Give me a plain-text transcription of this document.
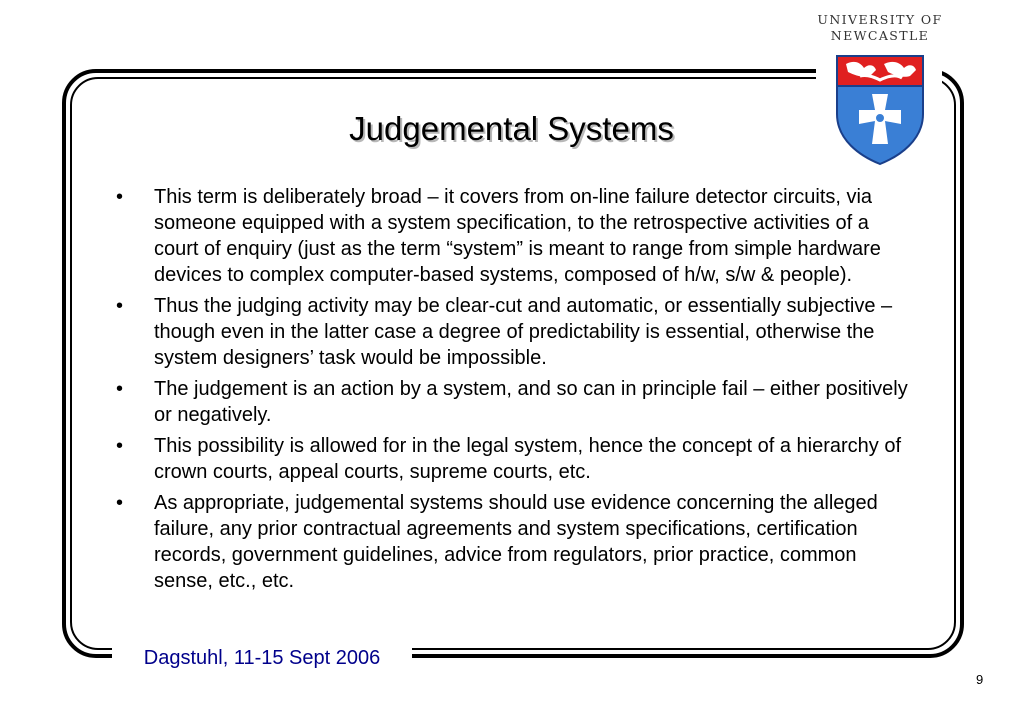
UNIVERSITY OF
NEWCASTLE
Judgemental Systems
• This term is deliberately broad – it covers from on-line failure detector circuits, via someone equipped with a system specification, to the retrospective activities of a court of enquiry (just as the term “system” is meant to range from simple hardware devices to complex computer-based systems, composed of h/w, s/w & people).
• Thus the judging activity may be clear-cut and automatic, or essentially subjective – though even in the latter case a degree of predictability is essential, otherwise the system designers’ task would be impossible.
• The judgement is an action by a system, and so can in principle fail – either positively or negatively.
• This possibility is allowed for in the legal system, hence the concept of a hierarchy of crown courts, appeal courts, supreme courts, etc.
• As appropriate, judgemental systems should use evidence concerning the alleged failure, any prior contractual agreements and system specifications, certification records, government guidelines, advice from regulators, prior practice, common sense, etc., etc.
Dagstuhl, 11-15 Sept 2006
9
